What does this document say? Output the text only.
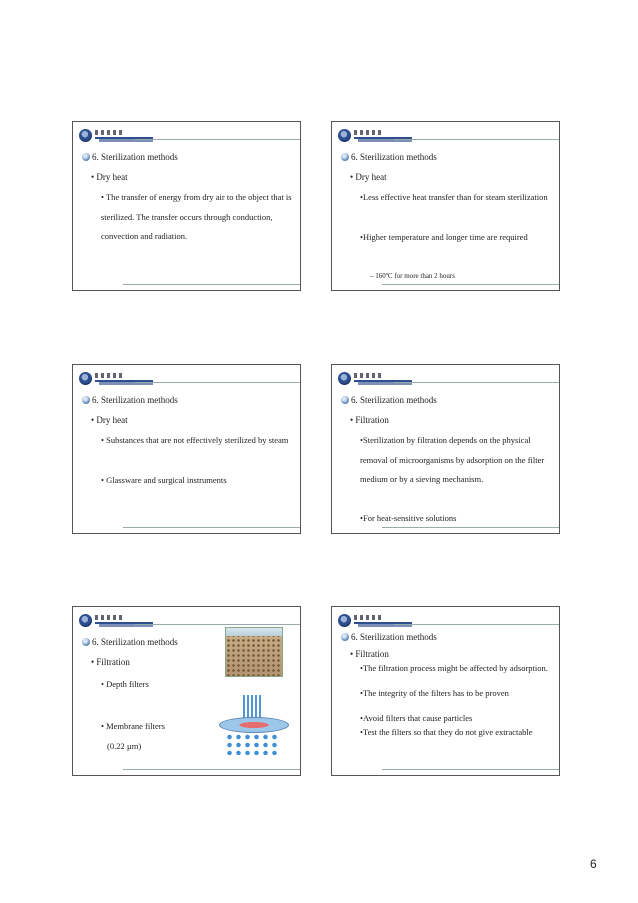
6. Sterilization methods
• Dry heat
• The transfer of energy from dry air to the object that is sterilized. The transfer occurs through conduction, convection and radiation.
6. Sterilization methods
• Dry heat
•Less effective heat transfer than for steam sterilization
•Higher temperature and longer time are required
– 160ºC for more than 2 hours
6. Sterilization methods
• Dry heat
• Substances that are not effectively sterilized by steam
• Glassware and surgical instruments
6. Sterilization methods
• Filtration
•Sterilization by filtration depends on the physical removal of microorganisms by adsorption on the filter medium or by a sieving mechanism.
•For heat-sensitive solutions
6. Sterilization methods
• Filtration
• Depth filters
• Membrane filters
(0.22 µm)
6. Sterilization methods
• Filtration
•The filtration process might be affected by adsorption.
•The integrity of the filters has to be proven
•Avoid filters that cause particles
•Test the filters so that they do not give extractable
6
